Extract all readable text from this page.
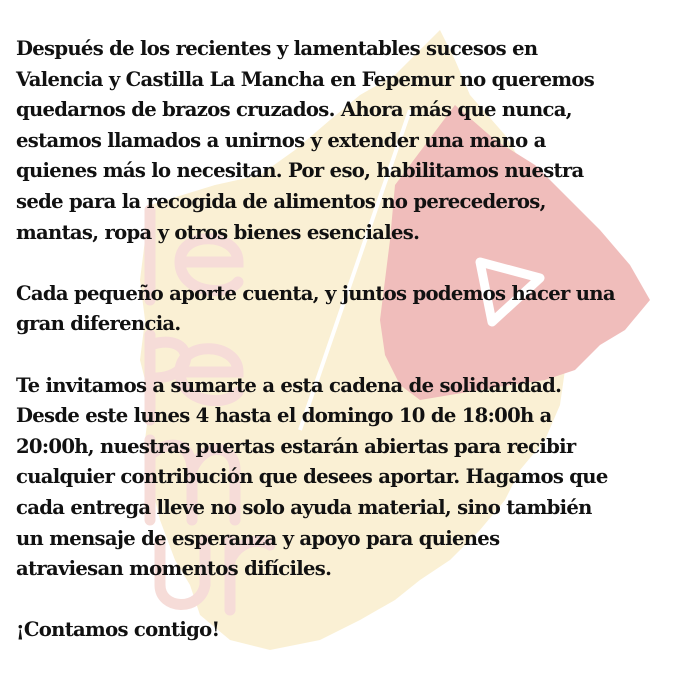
Después de los recientes y lamentables sucesos en
Valencia y Castilla La Mancha en Fepemur no queremos
quedarnos de brazos cruzados. Ahora más que nunca,
estamos llamados a unirnos y extender una mano a
quienes más lo necesitan. Por eso, habilitamos nuestra
sede para la recogida de alimentos no perecederos,
mantas, ropa y otros bienes esenciales.

Cada pequeño aporte cuenta, y juntos podemos hacer una
gran diferencia.

Te invitamos a sumarte a esta cadena de solidaridad.
Desde este lunes 4 hasta el domingo 10 de 18:00h a
20:00h, nuestras puertas estarán abiertas para recibir
cualquier contribución que desees aportar. Hagamos que
cada entrega lleve no solo ayuda material, sino también
un mensaje de esperanza y apoyo para quienes
atraviesan momentos difíciles.

¡Contamos contigo!
